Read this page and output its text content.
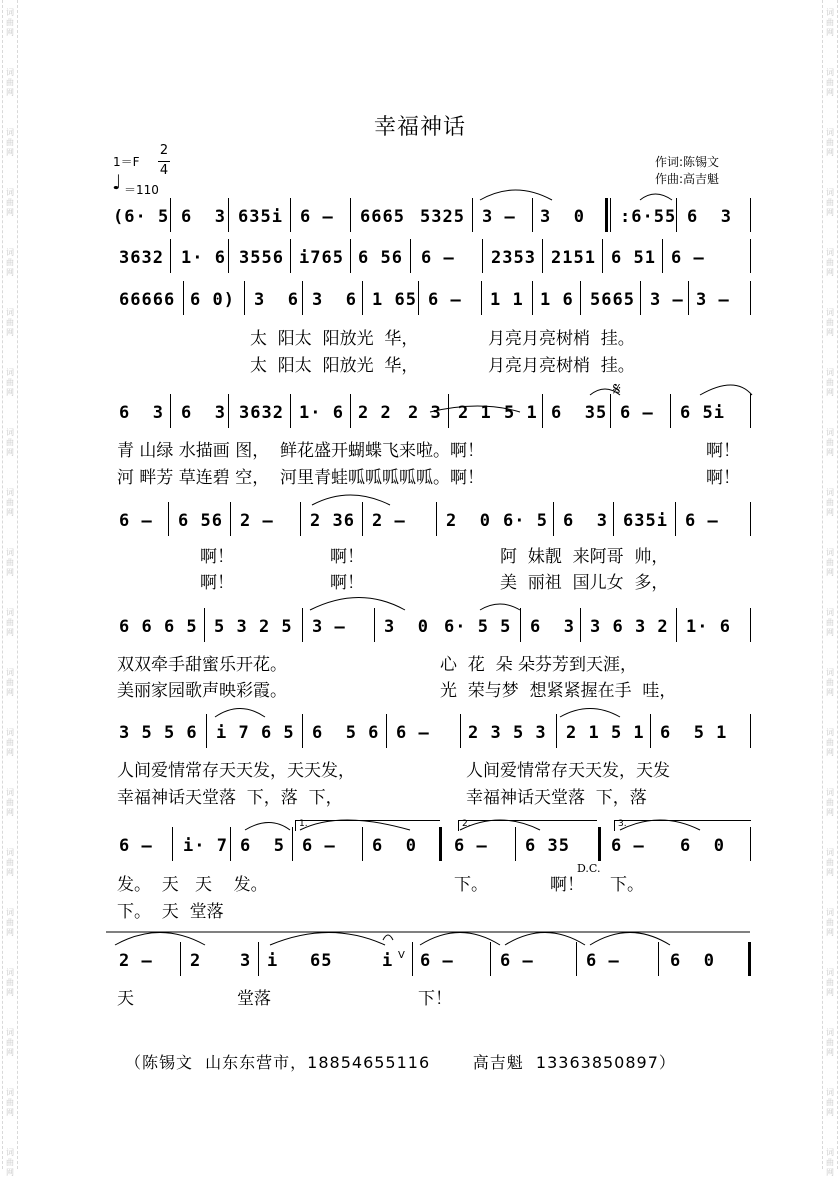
词
曲
网
词
曲
网
词
曲
网
词
曲
网
词
曲
网
词
曲
网
词
曲
网
词
曲
网
词
曲
网
词
曲
网
词
曲
网
词
曲
网
词
曲
网
词
曲
网
词
曲
网
词
曲
网
词
曲
网
词
曲
网
词
曲
网
词
曲
网
词
曲
网
词
曲
网
词
曲
网
词
曲
网
词
曲
网
词
曲
网
词
曲
网
词
曲
网
词
曲
网
词
曲
网
词
曲
网
词
曲
网
词
曲
网
词
曲
网
词
曲
网
词
曲
网
词
曲
网
词
曲
网
词
曲
网
词
曲
网
幸福神话
1＝F
2
4
♩ ＝110
作词:陈锡文
作曲:高吉魁
(6· 5 6  3 635i 6 – 6665 5325 3 – 3  0 :6·55 6  3
3632 1· 6 3556 i765 6 56 6 – 2353 2151 6 51 6 –
66666 6 0) 3  6 3  6 1 65 6 – 1 1 1 6 5665 3 – 3 –
6  3 6  3 3632 1· 6 2 2 2 3 2 1 5 1 6  35 6 – 6 5i
6 – 6 56 2 – 2 36 2 – 2  0 6· 5 6  3 635i 6 –
6 6 6 5 5 3 2 5 3 – 3  0 6· 5 5 6  3 3 6 3 2 1· 6
3 5 5 6 i 7 6 5 6  5 6 6 – 2 3 5 3 2 1 5 1 6  5 1
6 – i· 7 6  5 6 – 6  0 6 – 6 35 6 – 6  0
2 – 2 3 i 65	i 6 –	6 –	6 –	6  0
太  阳太  阳放光  华，	月亮月亮树梢  挂。
太  阳太  阳放光  华，	月亮月亮树梢  挂。
青 山绿 水描画 图，  鲜花盛开蝴蝶飞来啦。啊！	啊！
河 畔芳 草连碧 空，  河里青蛙呱呱呱呱呱。啊！	啊！
啊！	啊！	阿  妹靓  来阿哥  帅，
啊！	啊！	美  丽祖  国儿女  多，
双双牵手甜蜜乐开花。	心  花  朵 朵芬芳到天涯，
美丽家园歌声映彩霞。	光  荣与梦  想紧紧握在手  哇，
人间爱情常存天天发，天天发，	人间爱情常存天天发，天发
幸福神话天堂落  下，落  下，	幸福神话天堂落  下，落
发。  天   天    发。	下。	啊！ 下。
下。  天  堂落
天	堂落	下！
𝄋
V
1.	2.	3.
D.C.
（陈锡文  山东东营市，18854655116       高吉魁  13363850897）
